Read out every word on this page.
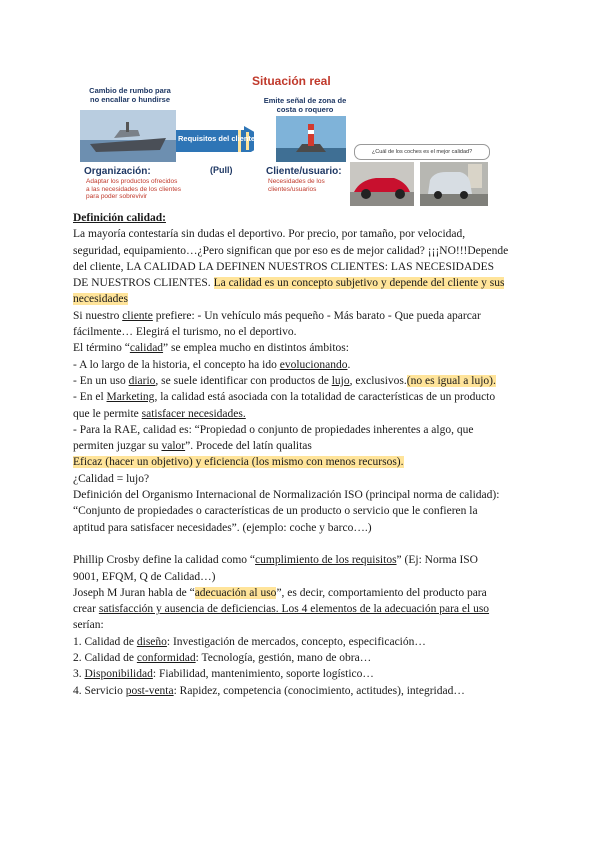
Situación real
Cambio de rumbo para no encallar o hundirse
Requisitos del cliente
Organización:
Adaptar los productos ofrecidos a las necesidades de los clientes para poder sobrevivir
(Pull)
Emite señal de zona de costa o roquero
Cliente/usuario:
Necesidades de los clientes/usuarios
¿Cuál de los coches es el mejor calidad?

Definición calidad:

La mayoría contestaría sin dudas el deportivo. Por precio, por tamaño, por velocidad,

seguridad, equipamiento…¿Pero significan que por eso es de mejor calidad? ¡¡¡NO!!!Depende

del cliente, LA CALIDAD LA DEFINEN NUESTROS CLIENTES: LAS NECESIDADES

DE NUESTROS CLIENTES. La calidad es un concepto subjetivo y depende del cliente y sus

necesidades

Si nuestro cliente prefiere: - Un vehículo más pequeño - Más barato - Que pueda aparcar

fácilmente… Elegirá el turismo, no el deportivo.

El término “calidad” se emplea mucho en distintos ámbitos:

- A lo largo de la historia, el concepto ha ido evolucionando.

- En un uso diario, se suele identificar con productos de lujo, exclusivos.(no es igual a lujo).

- En el Marketing, la calidad está asociada con la totalidad de características de un producto

que le permite satisfacer necesidades.

- Para la RAE, calidad es: “Propiedad o conjunto de propiedades inherentes a algo, que

permiten juzgar su valor”. Procede del latín qualitas

Eficaz (hacer un objetivo) y eficiencia (los mismo con menos recursos).

¿Calidad = lujo?

Definición del Organismo Internacional de Normalización ISO (principal norma de calidad):

“Conjunto de propiedades o características de un producto o servicio que le confieren la

aptitud para satisfacer necesidades”. (ejemplo: coche y barco….)

Phillip Crosby define la calidad como “cumplimiento de los requisitos” (Ej: Norma ISO

9001, EFQM, Q de Calidad…)

Joseph M Juran habla de “adecuación al uso”, es decir, comportamiento del producto para

crear satisfacción y ausencia de deficiencias. Los 4 elementos de la adecuación para el uso

serían:

1. Calidad de diseño: Investigación de mercados, concepto, especificación…

2. Calidad de conformidad: Tecnología, gestión, mano de obra…

3. Disponibilidad: Fiabilidad, mantenimiento, soporte logístico…

4. Servicio post-venta: Rapidez, competencia (conocimiento, actitudes), integridad…
